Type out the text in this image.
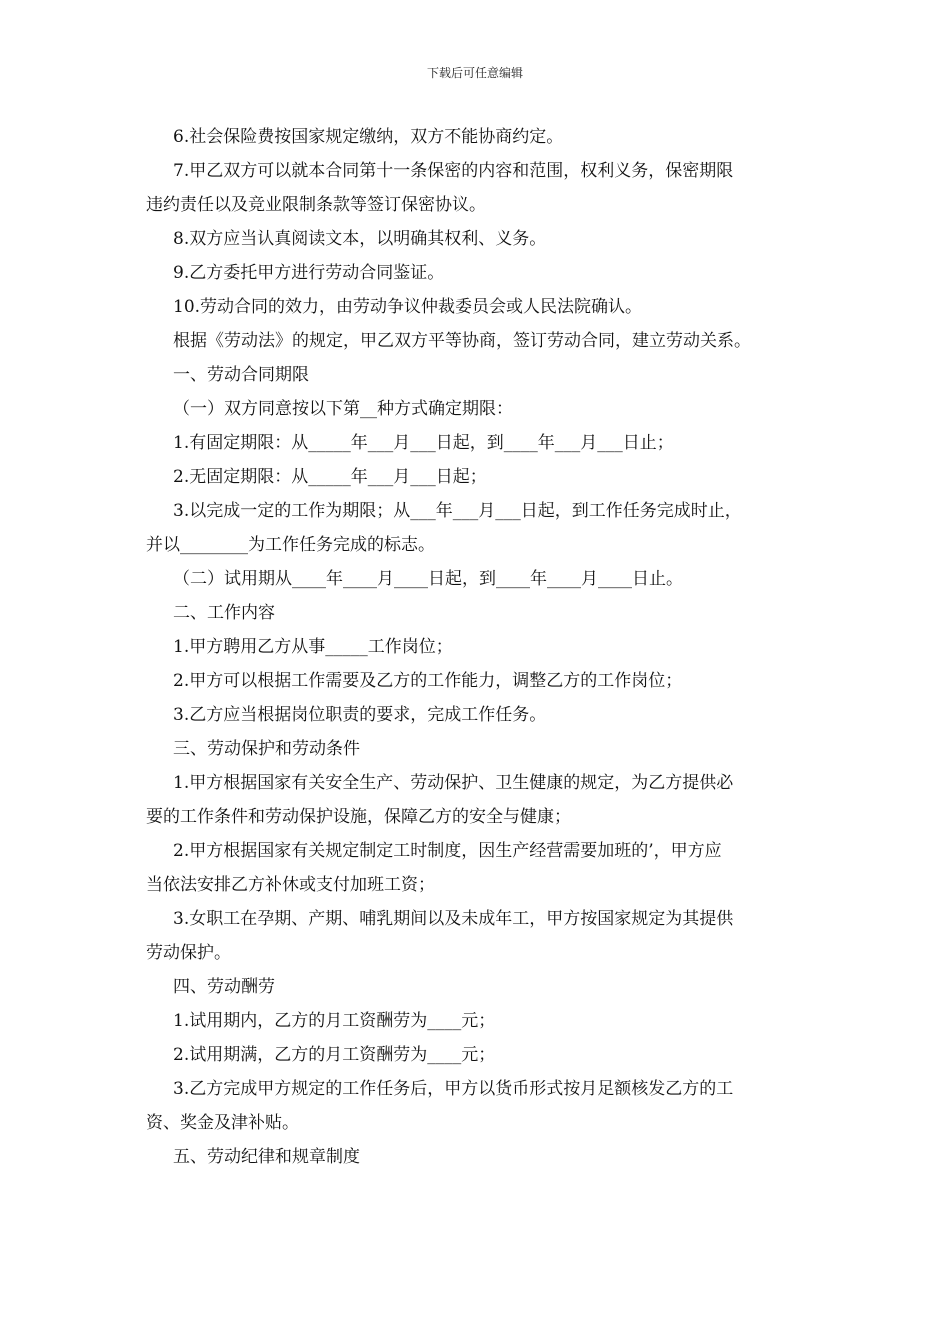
下载后可任意编辑
6.社会保险费按国家规定缴纳，双方不能协商约定。
7.甲乙双方可以就本合同第十一条保密的内容和范围，权利义务，保密期限
违约责任以及竞业限制条款等签订保密协议。
8.双方应当认真阅读文本，以明确其权利、义务。
9.乙方委托甲方进行劳动合同鉴证。
10.劳动合同的效力，由劳动争议仲裁委员会或人民法院确认。
根据《劳动法》的规定，甲乙双方平等协商，签订劳动合同，建立劳动关系。
一、劳动合同期限
（一）双方同意按以下第__种方式确定期限：
1.有固定期限：从_____年___月___日起，到____年___月___日止；
2.无固定期限：从_____年___月___日起；
3.以完成一定的工作为期限；从___年___月___日起，到工作任务完成时止，
并以________为工作任务完成的标志。
（二）试用期从____年____月____日起，到____年____月____日止。
二、工作内容
1.甲方聘用乙方从事_____工作岗位；
2.甲方可以根据工作需要及乙方的工作能力，调整乙方的工作岗位；
3.乙方应当根据岗位职责的要求，完成工作任务。
三、劳动保护和劳动条件
1.甲方根据国家有关安全生产、劳动保护、卫生健康的规定，为乙方提供必
要的工作条件和劳动保护设施，保障乙方的安全与健康；
2.甲方根据国家有关规定制定工时制度，因生产经营需要加班的’，甲方应
当依法安排乙方补休或支付加班工资；
3.女职工在孕期、产期、哺乳期间以及未成年工，甲方按国家规定为其提供
劳动保护。
四、劳动酬劳
1.试用期内，乙方的月工资酬劳为____元；
2.试用期满，乙方的月工资酬劳为____元；
3.乙方完成甲方规定的工作任务后，甲方以货币形式按月足额核发乙方的工
资、奖金及津补贴。
五、劳动纪律和规章制度
